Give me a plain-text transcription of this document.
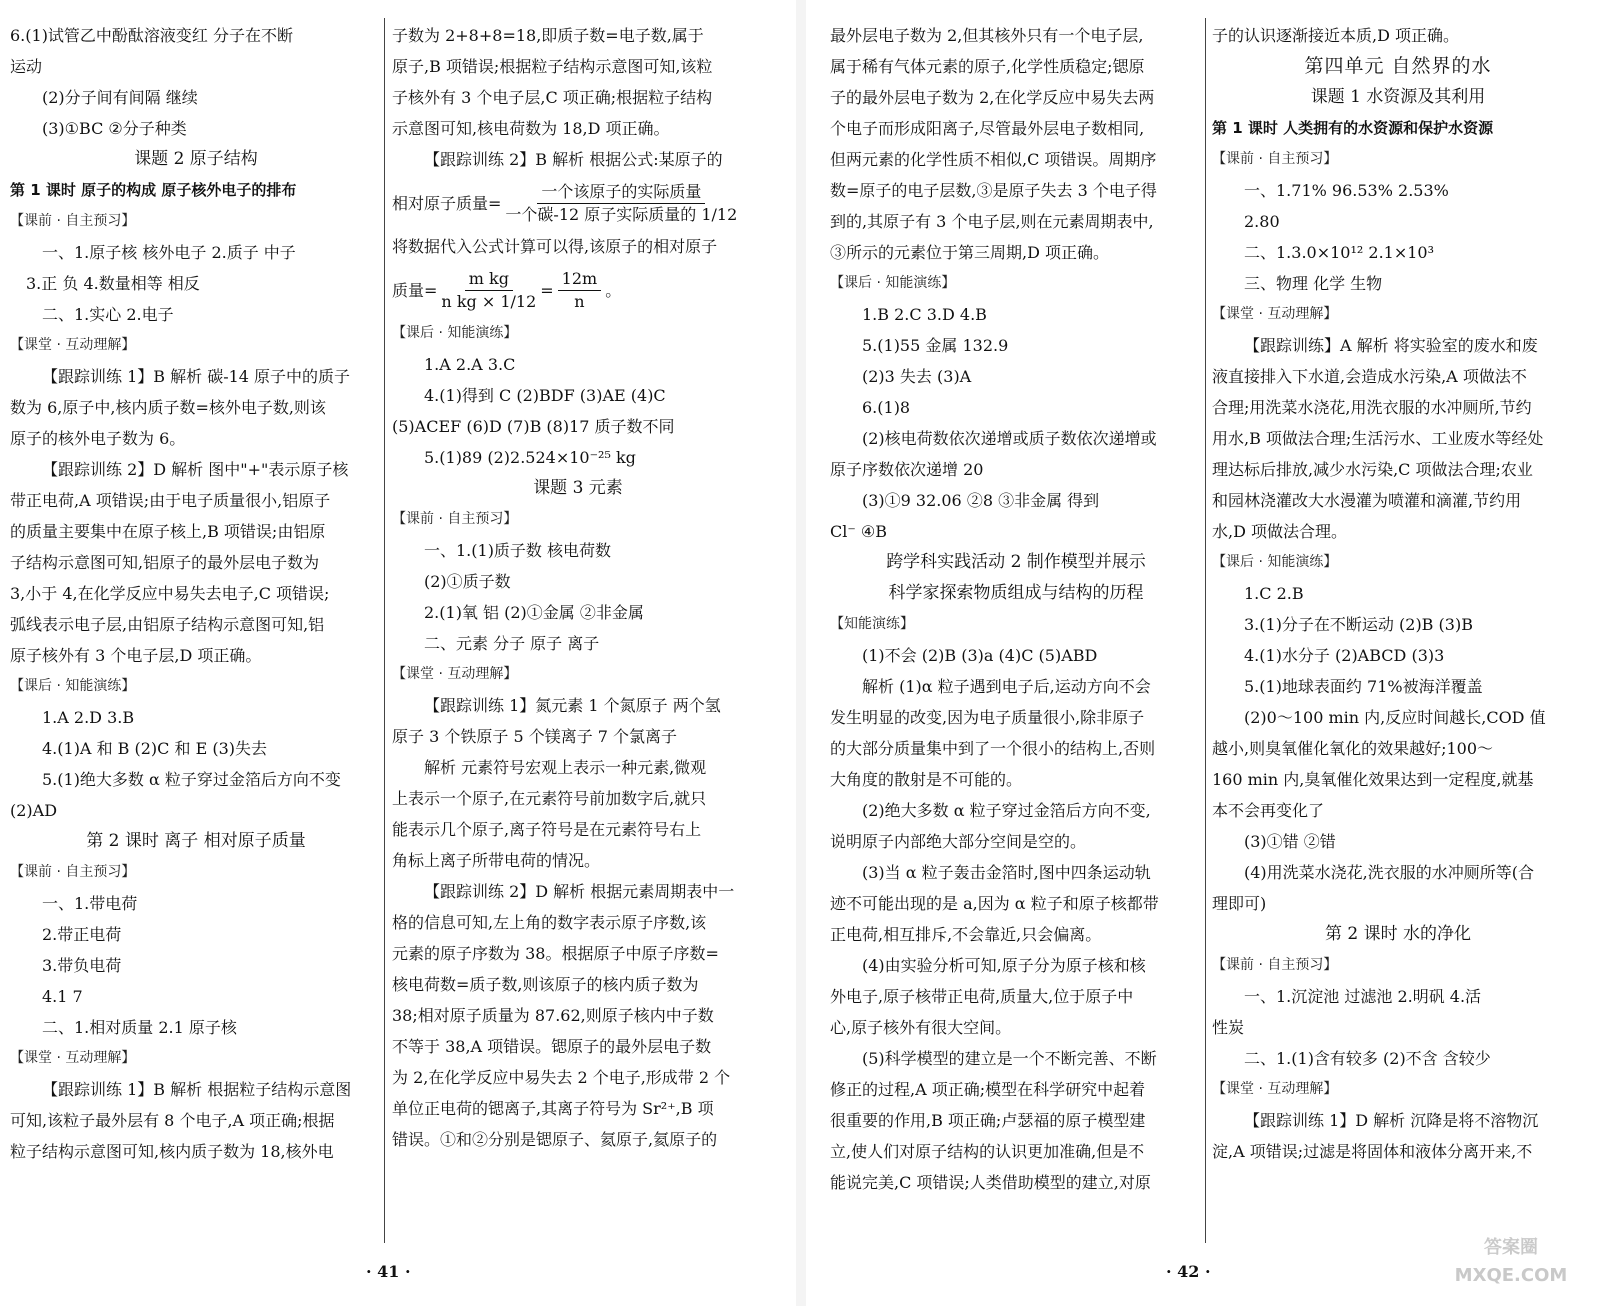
6.(1)试管乙中酚酞溶液变红 分子在不断

运动

(2)分子间有间隔 继续

(3)①BC ②分子种类

课题 2 原子结构

第 1 课时 原子的构成 原子核外电子的排布

【课前 · 自主预习】

一、1.原子核 核外电子 2.质子 中子

3.正 负 4.数量相等 相反

二、1.实心 2.电子

【课堂 · 互动理解】

【跟踪训练 1】B 解析 碳-14 原子中的质子

数为 6,原子中,核内质子数=核外电子数,则该

原子的核外电子数为 6。

【跟踪训练 2】D 解析 图中"+"表示原子核

带正电荷,A 项错误;由于电子质量很小,铝原子

的质量主要集中在原子核上,B 项错误;由铝原

子结构示意图可知,铝原子的最外层电子数为

3,小于 4,在化学反应中易失去电子,C 项错误;

弧线表示电子层,由铝原子结构示意图可知,铝

原子核外有 3 个电子层,D 项正确。

【课后 · 知能演练】

1.A 2.D 3.B

4.(1)A 和 B (2)C 和 E (3)失去

5.(1)绝大多数 α 粒子穿过金箔后方向不变

(2)AD

第 2 课时 离子 相对原子质量

【课前 · 自主预习】

一、1.带电荷

2.带正电荷

3.带负电荷

4.1 7

二、1.相对质量 2.1 原子核

【课堂 · 互动理解】

【跟踪训练 1】B 解析 根据粒子结构示意图

可知,该粒子最外层有 8 个电子,A 项正确;根据

粒子结构示意图可知,核内质子数为 18,核外电

子数为 2+8+8=18,即质子数=电子数,属于

原子,B 项错误;根据粒子结构示意图可知,该粒

子核外有 3 个电子层,C 项正确;根据粒子结构

示意图可知,核电荷数为 18,D 项正确。

【跟踪训练 2】B 解析 根据公式:某原子的

相对原子质量= $\frac{\text{一个该原子的实际质量}}{\text{一个碳-12 原子实际质量的 1/12}}$

将数据代入公式计算可以得,该原子的相对原子

质量= $\frac{\text{m kg}}{\text{n kg × 1/12}} = \frac{12m}{n}$ 。

【课后 · 知能演练】

1.A 2.A 3.C

4.(1)得到 C (2)BDF (3)AE (4)C

(5)ACEF (6)D (7)B (8)17 质子数不同

5.(1)89 (2)2.524×10⁻²⁵ kg

课题 3 元素

【课前 · 自主预习】

一、1.(1)质子数 核电荷数

(2)①质子数

2.(1)氧 铝 (2)①金属 ②非金属

二、元素 分子 原子 离子

【课堂 · 互动理解】

【跟踪训练 1】氮元素 1 个氮原子 两个氢

原子 3 个铁原子 5 个镁离子 7 个氯离子

解析 元素符号宏观上表示一种元素,微观

上表示一个原子,在元素符号前加数字后,就只

能表示几个原子,离子符号是在元素符号右上

角标上离子所带电荷的情况。

【跟踪训练 2】D 解析 根据元素周期表中一

格的信息可知,左上角的数字表示原子序数,该

元素的原子序数为 38。根据原子中原子序数=

核电荷数=质子数,则该原子的核内质子数为

38;相对原子质量为 87.62,则原子核内中子数

不等于 38,A 项错误。锶原子的最外层电子数

为 2,在化学反应中易失去 2 个电子,形成带 2 个

单位正电荷的锶离子,其离子符号为 Sr²⁺,B 项

错误。①和②分别是锶原子、氦原子,氦原子的

最外层电子数为 2,但其核外只有一个电子层,

属于稀有气体元素的原子,化学性质稳定;锶原

子的最外层电子数为 2,在化学反应中易失去两

个电子而形成阳离子,尽管最外层电子数相同,

但两元素的化学性质不相似,C 项错误。周期序

数=原子的电子层数,③是原子失去 3 个电子得

到的,其原子有 3 个电子层,则在元素周期表中,

③所示的元素位于第三周期,D 项正确。

【课后 · 知能演练】

1.B 2.C 3.D 4.B

5.(1)55 金属 132.9

(2)3 失去 (3)A

6.(1)8

(2)核电荷数依次递增或质子数依次递增或

原子序数依次递增 20

(3)①9 32.06 ②8 ③非金属 得到

Cl⁻ ④B

跨学科实践活动 2 制作模型并展示

科学家探索物质组成与结构的历程

【知能演练】

(1)不会 (2)B (3)a (4)C (5)ABD

解析 (1)α 粒子遇到电子后,运动方向不会

发生明显的改变,因为电子质量很小,除非原子

的大部分质量集中到了一个很小的结构上,否则

大角度的散射是不可能的。

(2)绝大多数 α 粒子穿过金箔后方向不变,

说明原子内部绝大部分空间是空的。

(3)当 α 粒子轰击金箔时,图中四条运动轨

迹不可能出现的是 a,因为 α 粒子和原子核都带

正电荷,相互排斥,不会靠近,只会偏离。

(4)由实验分析可知,原子分为原子核和核

外电子,原子核带正电荷,质量大,位于原子中

心,原子核外有很大空间。

(5)科学模型的建立是一个不断完善、不断

修正的过程,A 项正确;模型在科学研究中起着

很重要的作用,B 项正确;卢瑟福的原子模型建

立,使人们对原子结构的认识更加准确,但是不

能说完美,C 项错误;人类借助模型的建立,对原

子的认识逐渐接近本质,D 项正确。

第四单元 自然界的水

课题 1 水资源及其利用

第 1 课时 人类拥有的水资源和保护水资源

【课前 · 自主预习】

一、1.71% 96.53% 2.53%

2.80

二、1.3.0×10¹² 2.1×10³

三、物理 化学 生物

【课堂 · 互动理解】

【跟踪训练】A 解析 将实验室的废水和废

液直接排入下水道,会造成水污染,A 项做法不

合理;用洗菜水浇花,用洗衣服的水冲厕所,节约

用水,B 项做法合理;生活污水、工业废水等经处

理达标后排放,减少水污染,C 项做法合理;农业

和园林浇灌改大水漫灌为喷灌和滴灌,节约用

水,D 项做法合理。

【课后 · 知能演练】

1.C 2.B

3.(1)分子在不断运动 (2)B (3)B

4.(1)水分子 (2)ABCD (3)3

5.(1)地球表面约 71%被海洋覆盖

(2)0～100 min 内,反应时间越长,COD 值

越小,则臭氧催化氧化的效果越好;100～

160 min 内,臭氧催化效果达到一定程度,就基

本不会再变化了

(3)①错 ②错

(4)用洗菜水浇花,洗衣服的水冲厕所等(合

理即可)

第 2 课时 水的净化

【课前 · 自主预习】

一、1.沉淀池 过滤池 2.明矾 4.活

性炭

二、1.(1)含有较多 (2)不含 含较少

【课堂 · 互动理解】

【跟踪训练 1】D 解析 沉降是将不溶物沉

淀,A 项错误;过滤是将固体和液体分离开来,不

· 41 ·	· 42 ·
答案圈
MXQE.COM
